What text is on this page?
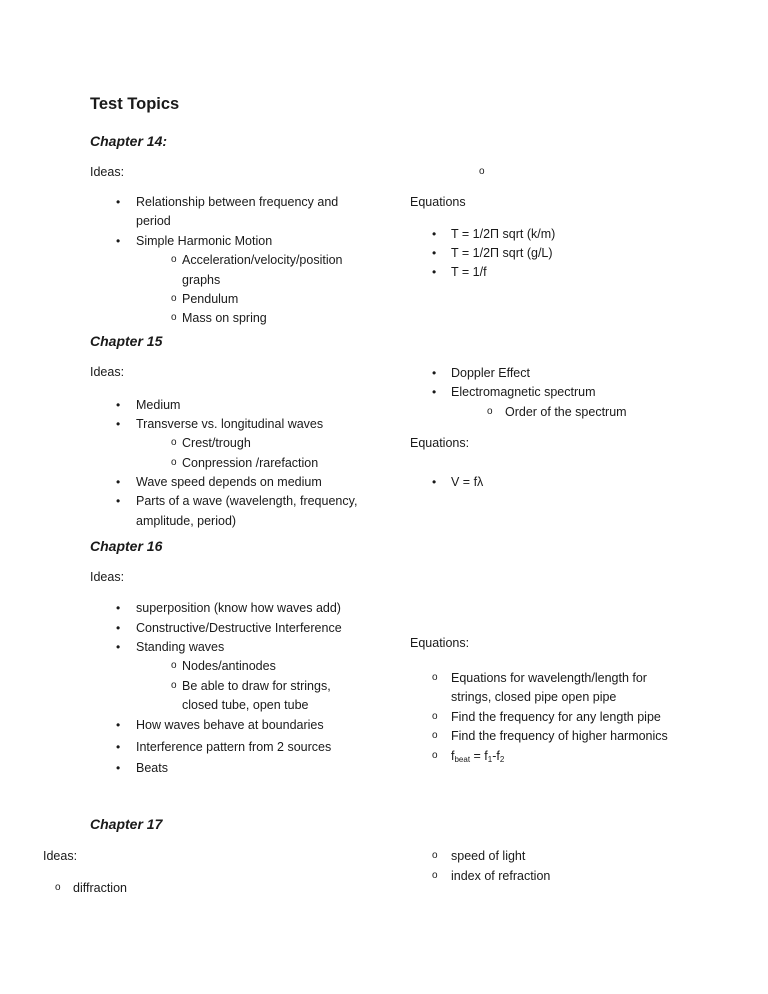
Test Topics
Chapter 14:
Ideas:	o
• Relationship between frequency and
period
• Simple Harmonic Motion
o Acceleration/velocity/position
graphs
o Pendulum
o Mass on spring
Equations
• T = 1/2Π sqrt (k/m)
• T = 1/2Π sqrt (g/L)
• T = 1/f
Chapter 15
Ideas:
• Medium
• Transverse vs. longitudinal waves
o Crest/trough
o Conpression /rarefaction
• Wave speed depends on medium
• Parts of a wave (wavelength, frequency,
amplitude, period)
• Doppler Effect
• Electromagnetic spectrum
o Order of the spectrum
Equations:
• V = fλ
Chapter 16
Ideas:
• superposition (know how waves add)
• Constructive/Destructive Interference
• Standing waves
o Nodes/antinodes
o Be able to draw for strings,
closed tube, open tube
• How waves behave at boundaries
• Interference pattern from 2 sources
• Beats
Equations:
o Equations for wavelength/length for
strings, closed pipe open pipe
o Find the frequency for any length pipe
o Find the frequency of higher harmonics
o $f_{beat} = f_1-f_2$
Chapter 17
Ideas:
o diffraction
o speed of light
o index of refraction
